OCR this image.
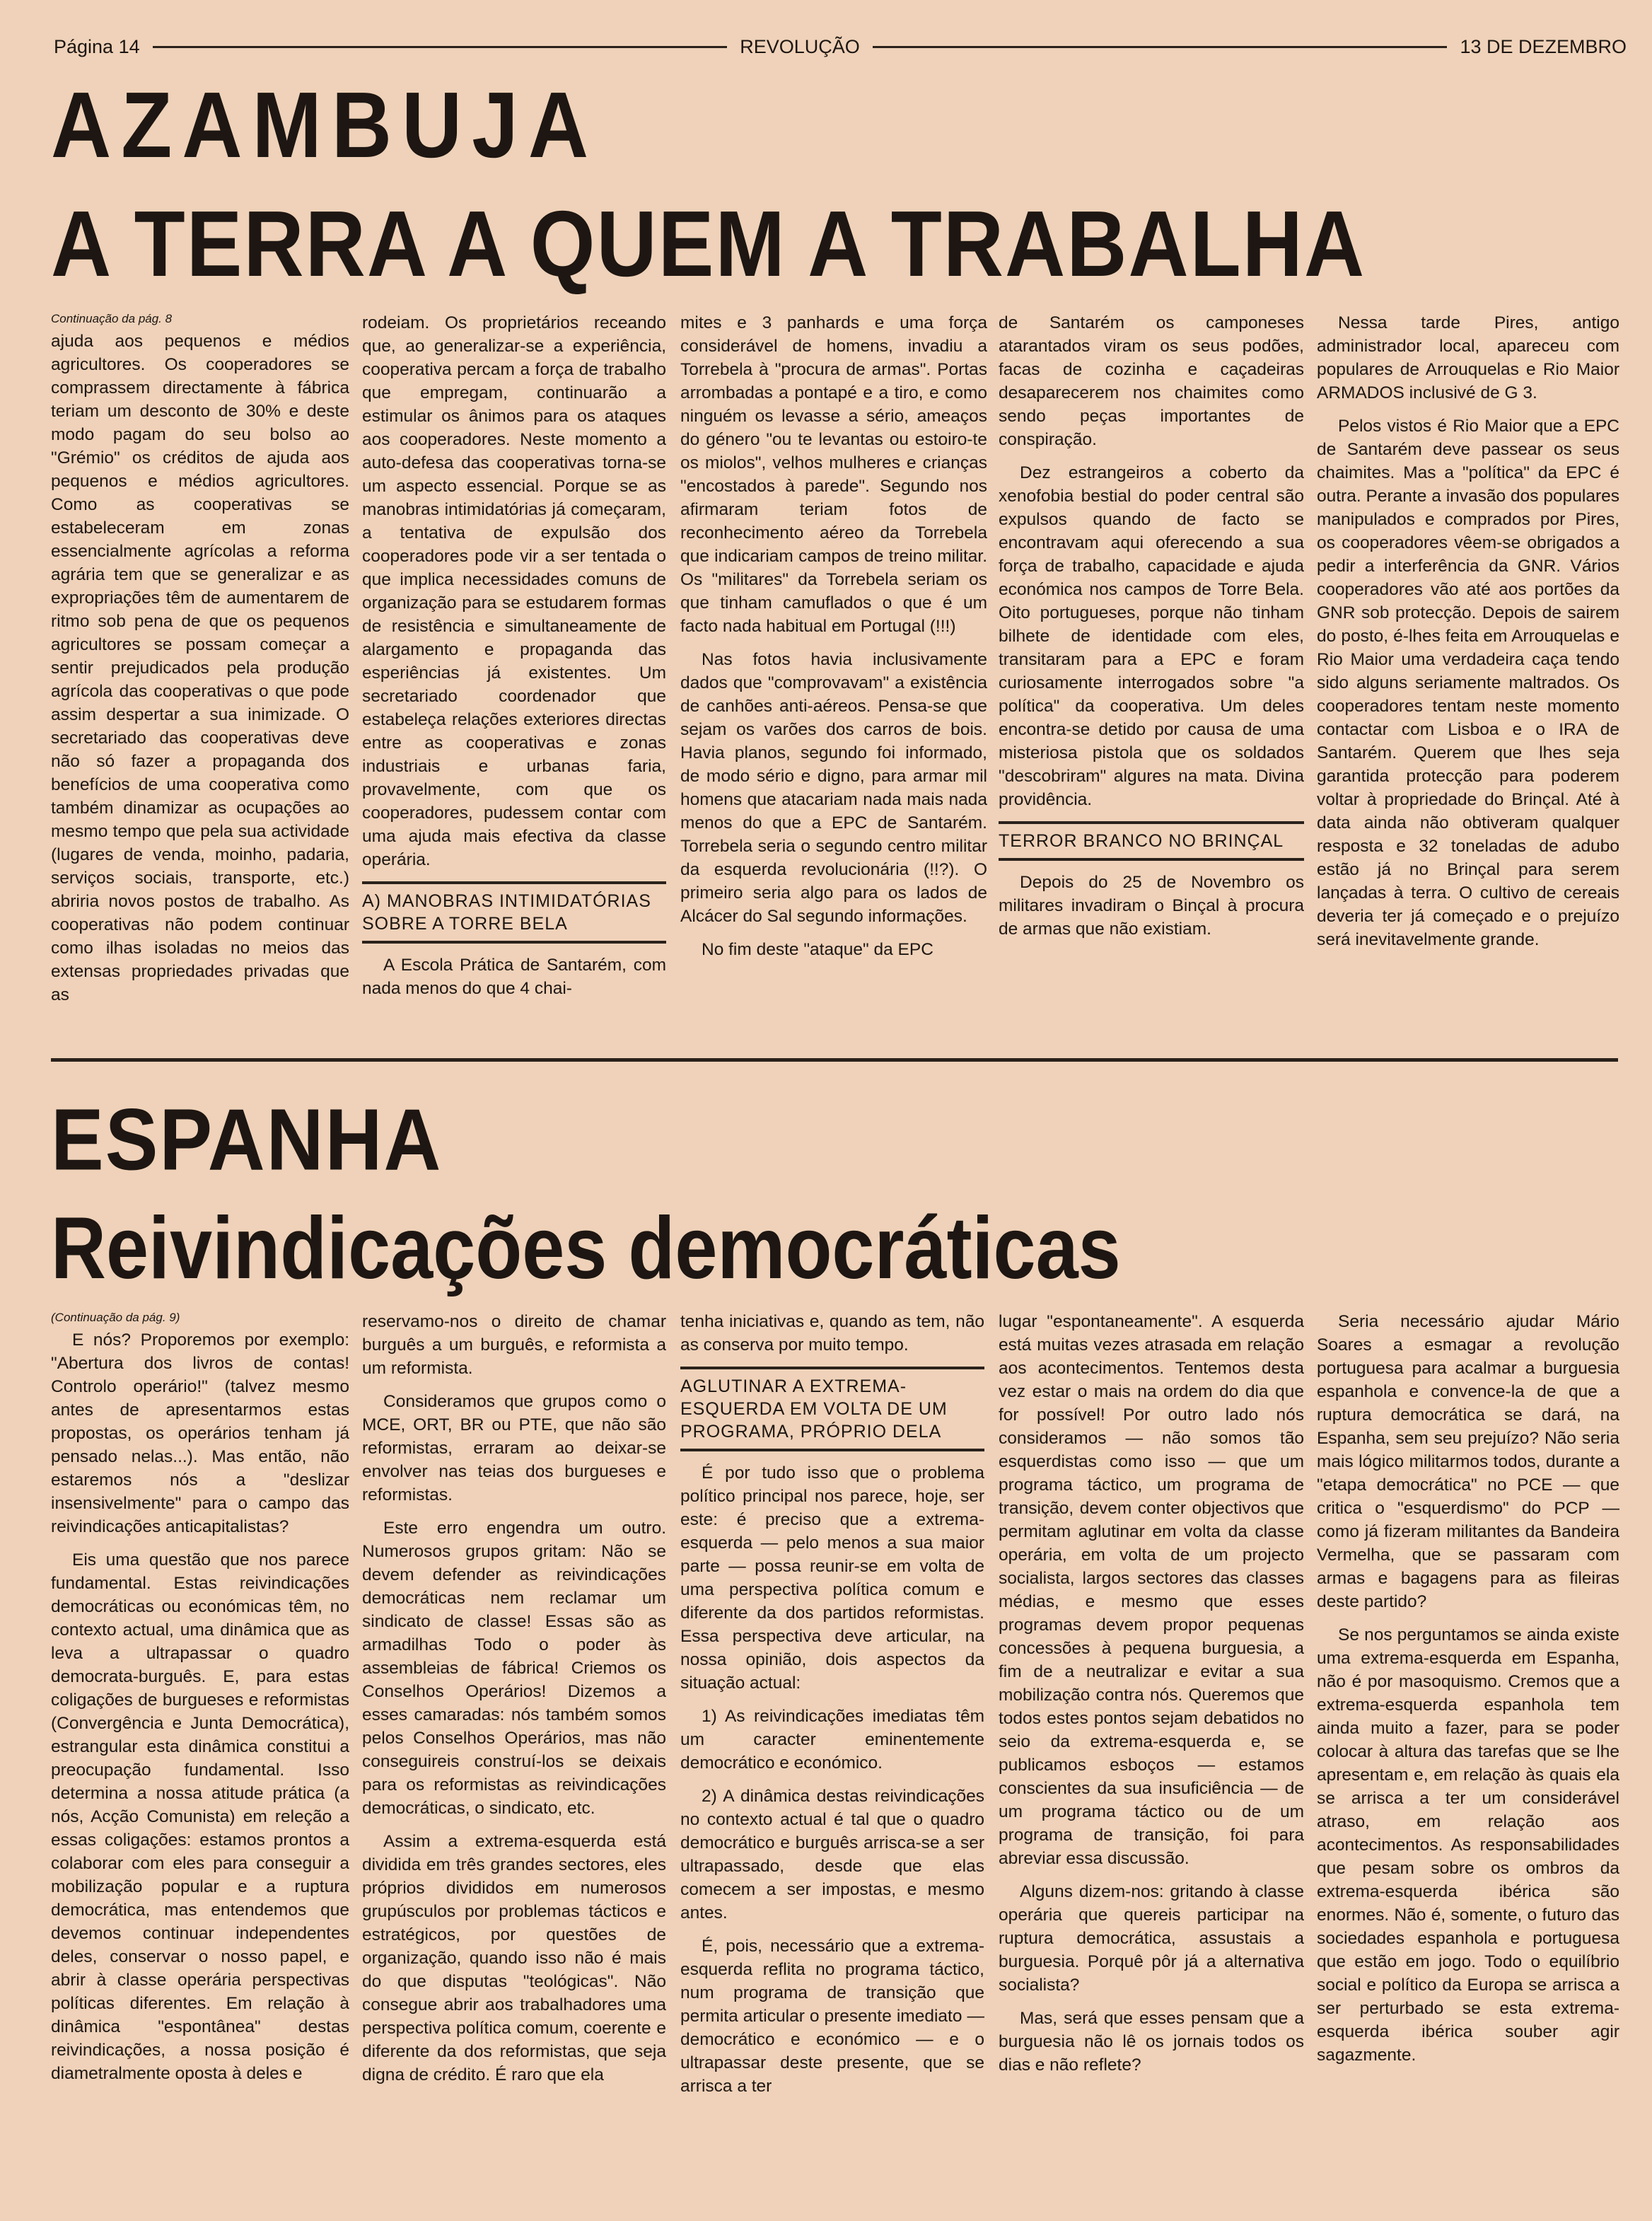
Página 14	REVOLUÇÃO	13 DE DEZEMBRO
AZAMBUJA
A TERRA A QUEM A TRABALHA
Continuação da pág. 8

ajuda aos pequenos e médios agricultores. Os cooperadores se comprassem directamente à fábrica teriam um desconto de 30% e deste modo pagam do seu bolso ao "Grémio" os créditos de ajuda aos pequenos e médios agricultores. Como as cooperativas se estabeleceram em zonas essencialmente agrícolas a reforma agrária tem que se generalizar e as expropriações têm de aumentarem de ritmo sob pena de que os pequenos agricultores se possam começar a sentir prejudicados pela produção agrícola das cooperativas o que pode assim despertar a sua inimizade. O secretariado das cooperativas deve não só fazer a propaganda dos benefícios de uma cooperativa como também dinamizar as ocupações ao mesmo tempo que pela sua actividade (lugares de venda, moinho, padaria, serviços sociais, transporte, etc.) abriria novos postos de trabalho. As cooperativas não podem continuar como ilhas isoladas no meios das extensas propriedades privadas que as

rodeiam. Os proprietários receando que, ao generalizar-se a experiência, cooperativa percam a força de trabalho que empregam, continuarão a estimular os ânimos para os ataques aos cooperadores. Neste momento a auto-defesa das cooperativas torna-se um aspecto essencial. Porque se as manobras intimidatórias já começaram, a tentativa de expulsão dos cooperadores pode vir a ser tentada o que implica necessidades comuns de organização para se estudarem formas de resistência e simultaneamente de alargamento e propaganda das esperiências já existentes. Um secretariado coordenador que estabeleça relações exteriores directas entre as cooperativas e zonas industriais e urbanas faria, provavelmente, com que os cooperadores, pudessem contar com uma ajuda mais efectiva da classe operária.

A) MANOBRAS INTIMIDATÓRIAS SOBRE A TORRE BELA

A Escola Prática de Santarém, com nada menos do que 4 chai-

mites e 3 panhards e uma força considerável de homens, invadiu a Torrebela à "procura de armas". Portas arrombadas a pontapé e a tiro, e como ninguém os levasse a sério, ameaços do género "ou te levantas ou estoiro-te os miolos", velhos mulheres e crianças "encostados à parede". Segundo nos afirmaram teriam fotos de reconhecimento aéreo da Torrebela que indicariam campos de treino militar. Os "militares" da Torrebela seriam os que tinham camuflados o que é um facto nada habitual em Portugal (!!!)

Nas fotos havia inclusivamente dados que "comprovavam" a existência de canhões anti-aéreos. Pensa-se que sejam os varões dos carros de bois. Havia planos, segundo foi informado, de modo sério e digno, para armar mil homens que atacariam nada mais nada menos do que a EPC de Santarém. Torrebela seria o segundo centro militar da esquerda revolucionária (!!?). O primeiro seria algo para os lados de Alcácer do Sal segundo informações.

No fim deste "ataque" da EPC

de Santarém os camponeses atarantados viram os seus podões, facas de cozinha e caçadeiras desaparecerem nos chaimites como sendo peças importantes de conspiração.

Dez estrangeiros a coberto da xenofobia bestial do poder central são expulsos quando de facto se encontravam aqui oferecendo a sua força de trabalho, capacidade e ajuda económica nos campos de Torre Bela. Oito portugueses, porque não tinham bilhete de identidade com eles, transitaram para a EPC e foram curiosamente interrogados sobre "a política" da cooperativa. Um deles encontra-se detido por causa de uma misteriosa pistola que os soldados "descobriram" algures na mata. Divina providência.

TERROR BRANCO NO BRINÇAL

Depois do 25 de Novembro os militares invadiram o Binçal à procura de armas que não existiam.

Nessa tarde Pires, antigo administrador local, apareceu com populares de Arrouquelas e Rio Maior ARMADOS inclusivé de G 3.

Pelos vistos é Rio Maior que a EPC de Santarém deve passear os seus chaimites. Mas a "política" da EPC é outra. Perante a invasão dos populares manipulados e comprados por Pires, os cooperadores vêem-se obrigados a pedir a interferência da GNR. Vários cooperadores vão até aos portões da GNR sob protecção. Depois de sairem do posto, é-lhes feita em Arrouquelas e Rio Maior uma verdadeira caça tendo sido alguns seriamente maltrados. Os cooperadores tentam neste momento contactar com Lisboa e o IRA de Santarém. Querem que lhes seja garantida protecção para poderem voltar à propriedade do Brinçal. Até à data ainda não obtiveram qualquer resposta e 32 toneladas de adubo estão já no Brinçal para serem lançadas à terra. O cultivo de cereais deveria ter já começado e o prejuízo será inevitavelmente grande.

ESPANHA
Reivindicações democráticas
(Continuação da pág. 9)

E nós? Proporemos por exemplo: "Abertura dos livros de contas! Controlo operário!" (talvez mesmo antes de apresentarmos estas propostas, os operários tenham já pensado nelas...). Mas então, não estaremos nós a "deslizar insensivelmente" para o campo das reivindicações anticapitalistas?

Eis uma questão que nos parece fundamental. Estas reivindicações democráticas ou económicas têm, no contexto actual, uma dinâmica que as leva a ultrapassar o quadro democrata-burguês. E, para estas coligações de burgueses e reformistas (Convergência e Junta Democrática), estrangular esta dinâmica constitui a preocupação fundamental. Isso determina a nossa atitude prática (a nós, Acção Comunista) em releção a essas coligações: estamos prontos a colaborar com eles para conseguir a mobilização popular e a ruptura democrática, mas entendemos que devemos continuar independentes deles, conservar o nosso papel, e abrir à classe operária perspectivas políticas diferentes. Em relação à dinâmica "espontânea" destas reivindicações, a nossa posição é diametralmente oposta à deles e

reservamo-nos o direito de chamar burguês a um burguês, e reformista a um reformista.

Consideramos que grupos como o MCE, ORT, BR ou PTE, que não são reformistas, erraram ao deixar-se envolver nas teias dos burgueses e reformistas.

Este erro engendra um outro. Numerosos grupos gritam: Não se devem defender as reivindicações democráticas nem reclamar um sindicato de classe! Essas são as armadilhas Todo o poder às assembleias de fábrica! Criemos os Conselhos Operários! Dizemos a esses camaradas: nós também somos pelos Conselhos Operários, mas não conseguireis construí-los se deixais para os reformistas as reivindicações democráticas, o sindicato, etc.

Assim a extrema-esquerda está dividida em três grandes sectores, eles próprios divididos em numerosos grupúsculos por problemas tácticos e estratégicos, por questões de organização, quando isso não é mais do que disputas "teológicas". Não consegue abrir aos trabalhadores uma perspectiva política comum, coerente e diferente da dos reformistas, que seja digna de crédito. É raro que ela

tenha iniciativas e, quando as tem, não as conserva por muito tempo.

AGLUTINAR A EXTREMA-ESQUERDA EM VOLTA DE UM PROGRAMA, PRÓPRIO DELA

É por tudo isso que o problema político principal nos parece, hoje, ser este: é preciso que a extrema-esquerda — pelo menos a sua maior parte — possa reunir-se em volta de uma perspectiva política comum e diferente da dos partidos reformistas. Essa perspectiva deve articular, na nossa opinião, dois aspectos da situação actual:

1) As reivindicações imediatas têm um caracter eminentemente democrático e económico.

2) A dinâmica destas reivindicações no contexto actual é tal que o quadro democrático e burguês arrisca-se a ser ultrapassado, desde que elas comecem a ser impostas, e mesmo antes.

É, pois, necessário que a extrema-esquerda reflita no programa táctico, num programa de transição que permita articular o presente imediato — democrático e económico — e o ultrapassar deste presente, que se arrisca a ter

lugar "espontaneamente". A esquerda está muitas vezes atrasada em relação aos acontecimentos. Tentemos desta vez estar o mais na ordem do dia que for possível! Por outro lado nós consideramos — não somos tão esquerdistas como isso — que um programa táctico, um programa de transição, devem conter objectivos que permitam aglutinar em volta da classe operária, em volta de um projecto socialista, largos sectores das classes médias, e mesmo que esses programas devem propor pequenas concessões à pequena burguesia, a fim de a neutralizar e evitar a sua mobilização contra nós. Queremos que todos estes pontos sejam debatidos no seio da extrema-esquerda e, se publicamos esboços — estamos conscientes da sua insuficiência — de um programa táctico ou de um programa de transição, foi para abreviar essa discussão.

Alguns dizem-nos: gritando à classe operária que quereis participar na ruptura democrática, assustais a burguesia. Porquê pôr já a alternativa socialista?

Mas, será que esses pensam que a burguesia não lê os jornais todos os dias e não reflete?

Seria necessário ajudar Mário Soares a esmagar a revolução portuguesa para acalmar a burguesia espanhola e convence-la de que a ruptura democrática se dará, na Espanha, sem seu prejuízo? Não seria mais lógico militarmos todos, durante a "etapa democrática" no PCE — que critica o "esquerdismo" do PCP — como já fizeram militantes da Bandeira Vermelha, que se passaram com armas e bagagens para as fileiras deste partido?

Se nos perguntamos se ainda existe uma extrema-esquerda em Espanha, não é por masoquismo. Cremos que a extrema-esquerda espanhola tem ainda muito a fazer, para se poder colocar à altura das tarefas que se lhe apresentam e, em relação às quais ela se arrisca a ter um considerável atraso, em relação aos acontecimentos. As responsabilidades que pesam sobre os ombros da extrema-esquerda ibérica são enormes. Não é, somente, o futuro das sociedades espanhola e portuguesa que estão em jogo. Todo o equilíbrio social e político da Europa se arrisca a ser perturbado se esta extrema-esquerda ibérica souber agir sagazmente.
